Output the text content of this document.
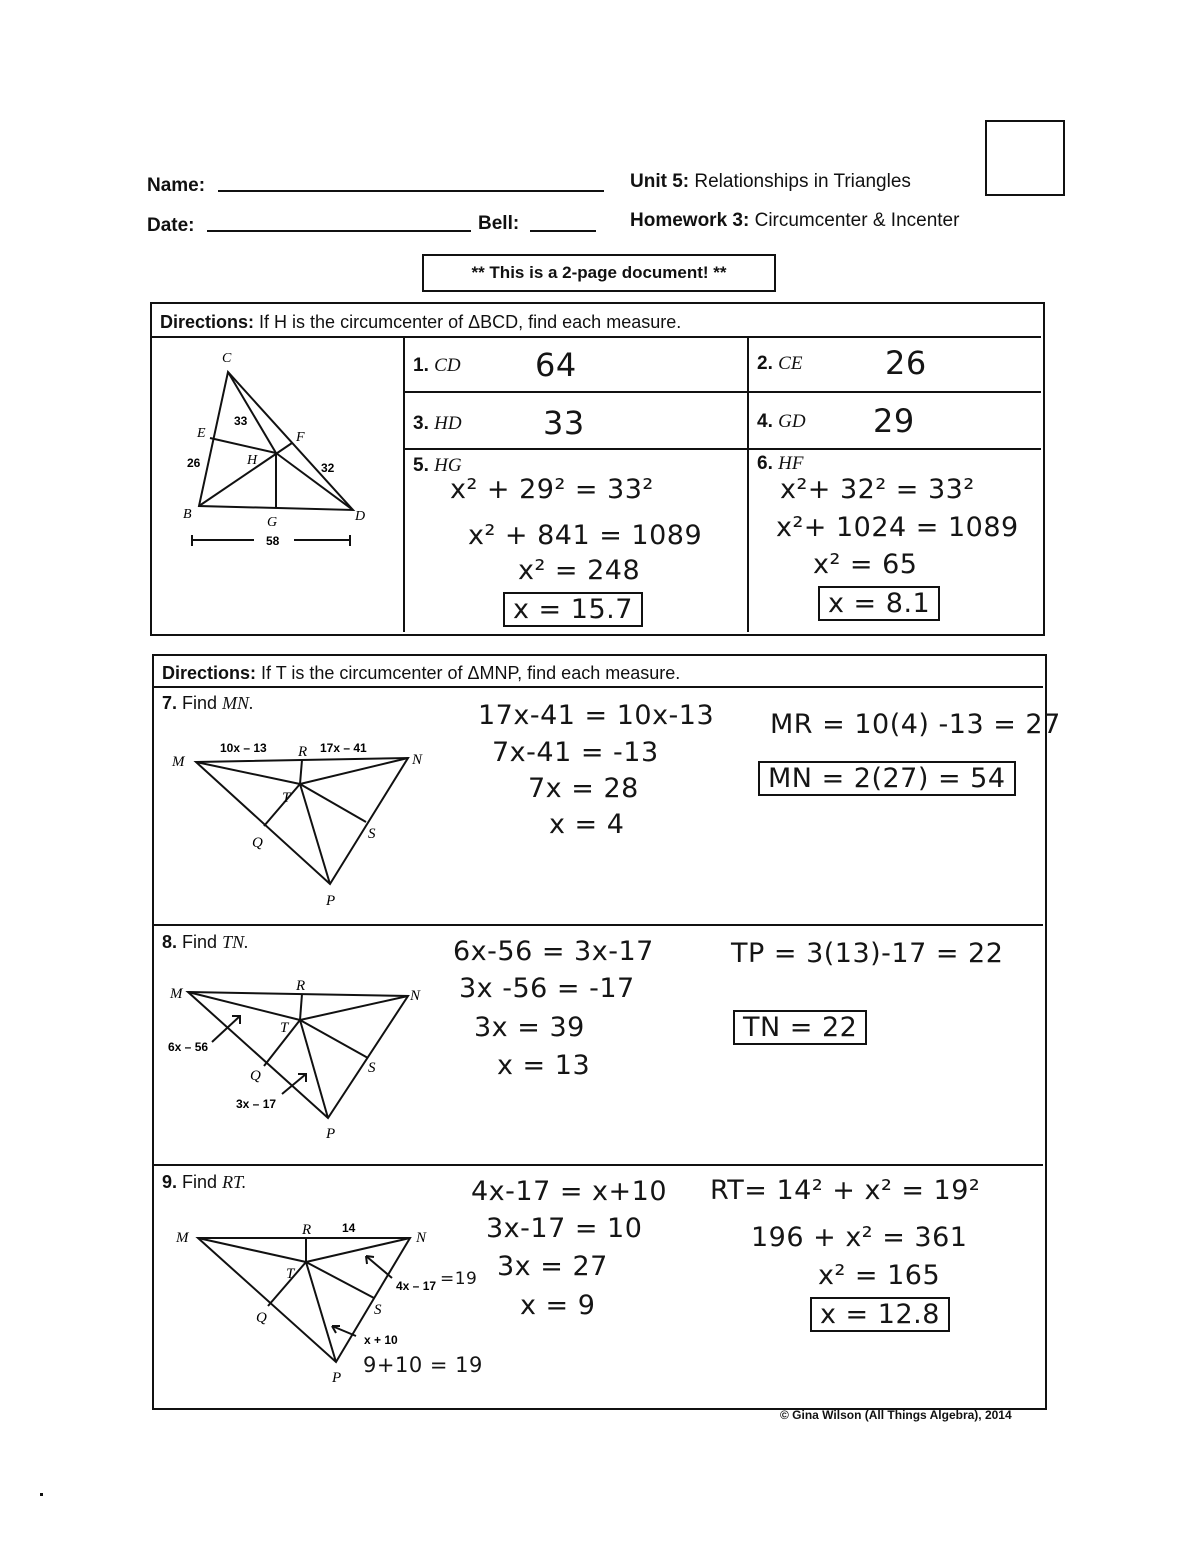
Name:
Date:	Bell:
Unit 5: Relationships in Triangles
Homework 3: Circumcenter & Incenter
** This is a 2-page document! **
Directions: If H is the circumcenter of ΔBCD, find each measure.
C
E	F
H
B
G	D
33
26	32
58
1. CD 64	2. CE	26
3. HD	33	4. GD 29
5. HG
x² + 29² = 33²
x² + 841 = 1089
x² = 248
x = 15.7
6. HF
x²+ 32² = 33²
x²+ 1024 = 1089
x² = 65
x = 8.1
Directions: If T is the circumcenter of ΔMNP, find each measure.
7. Find MN.
M
R	N
T
Q
S
P
10x – 13	17x – 41
17x-41 = 10x-13
7x-41 = -13
7x = 28
x = 4
MR = 10(4) -13 = 27
MN = 2(27) = 54
8. Find TN.
M	R
N
T
Q	S
P
6x – 56
3x – 17
6x-56 = 3x-17
3x -56 = -17
3x = 39
x = 13
TP = 3(13)-17 = 22
TN = 22
9. Find RT.
M	R	N
T
Q	S
P
14
4x – 17
x + 10
=19
9+10 = 19
4x-17 = x+10
3x-17 = 10
3x = 27
x = 9
RT= 14² + x² = 19²
196 + x² = 361
x² = 165
x = 12.8
© Gina Wilson (All Things Algebra), 2014
